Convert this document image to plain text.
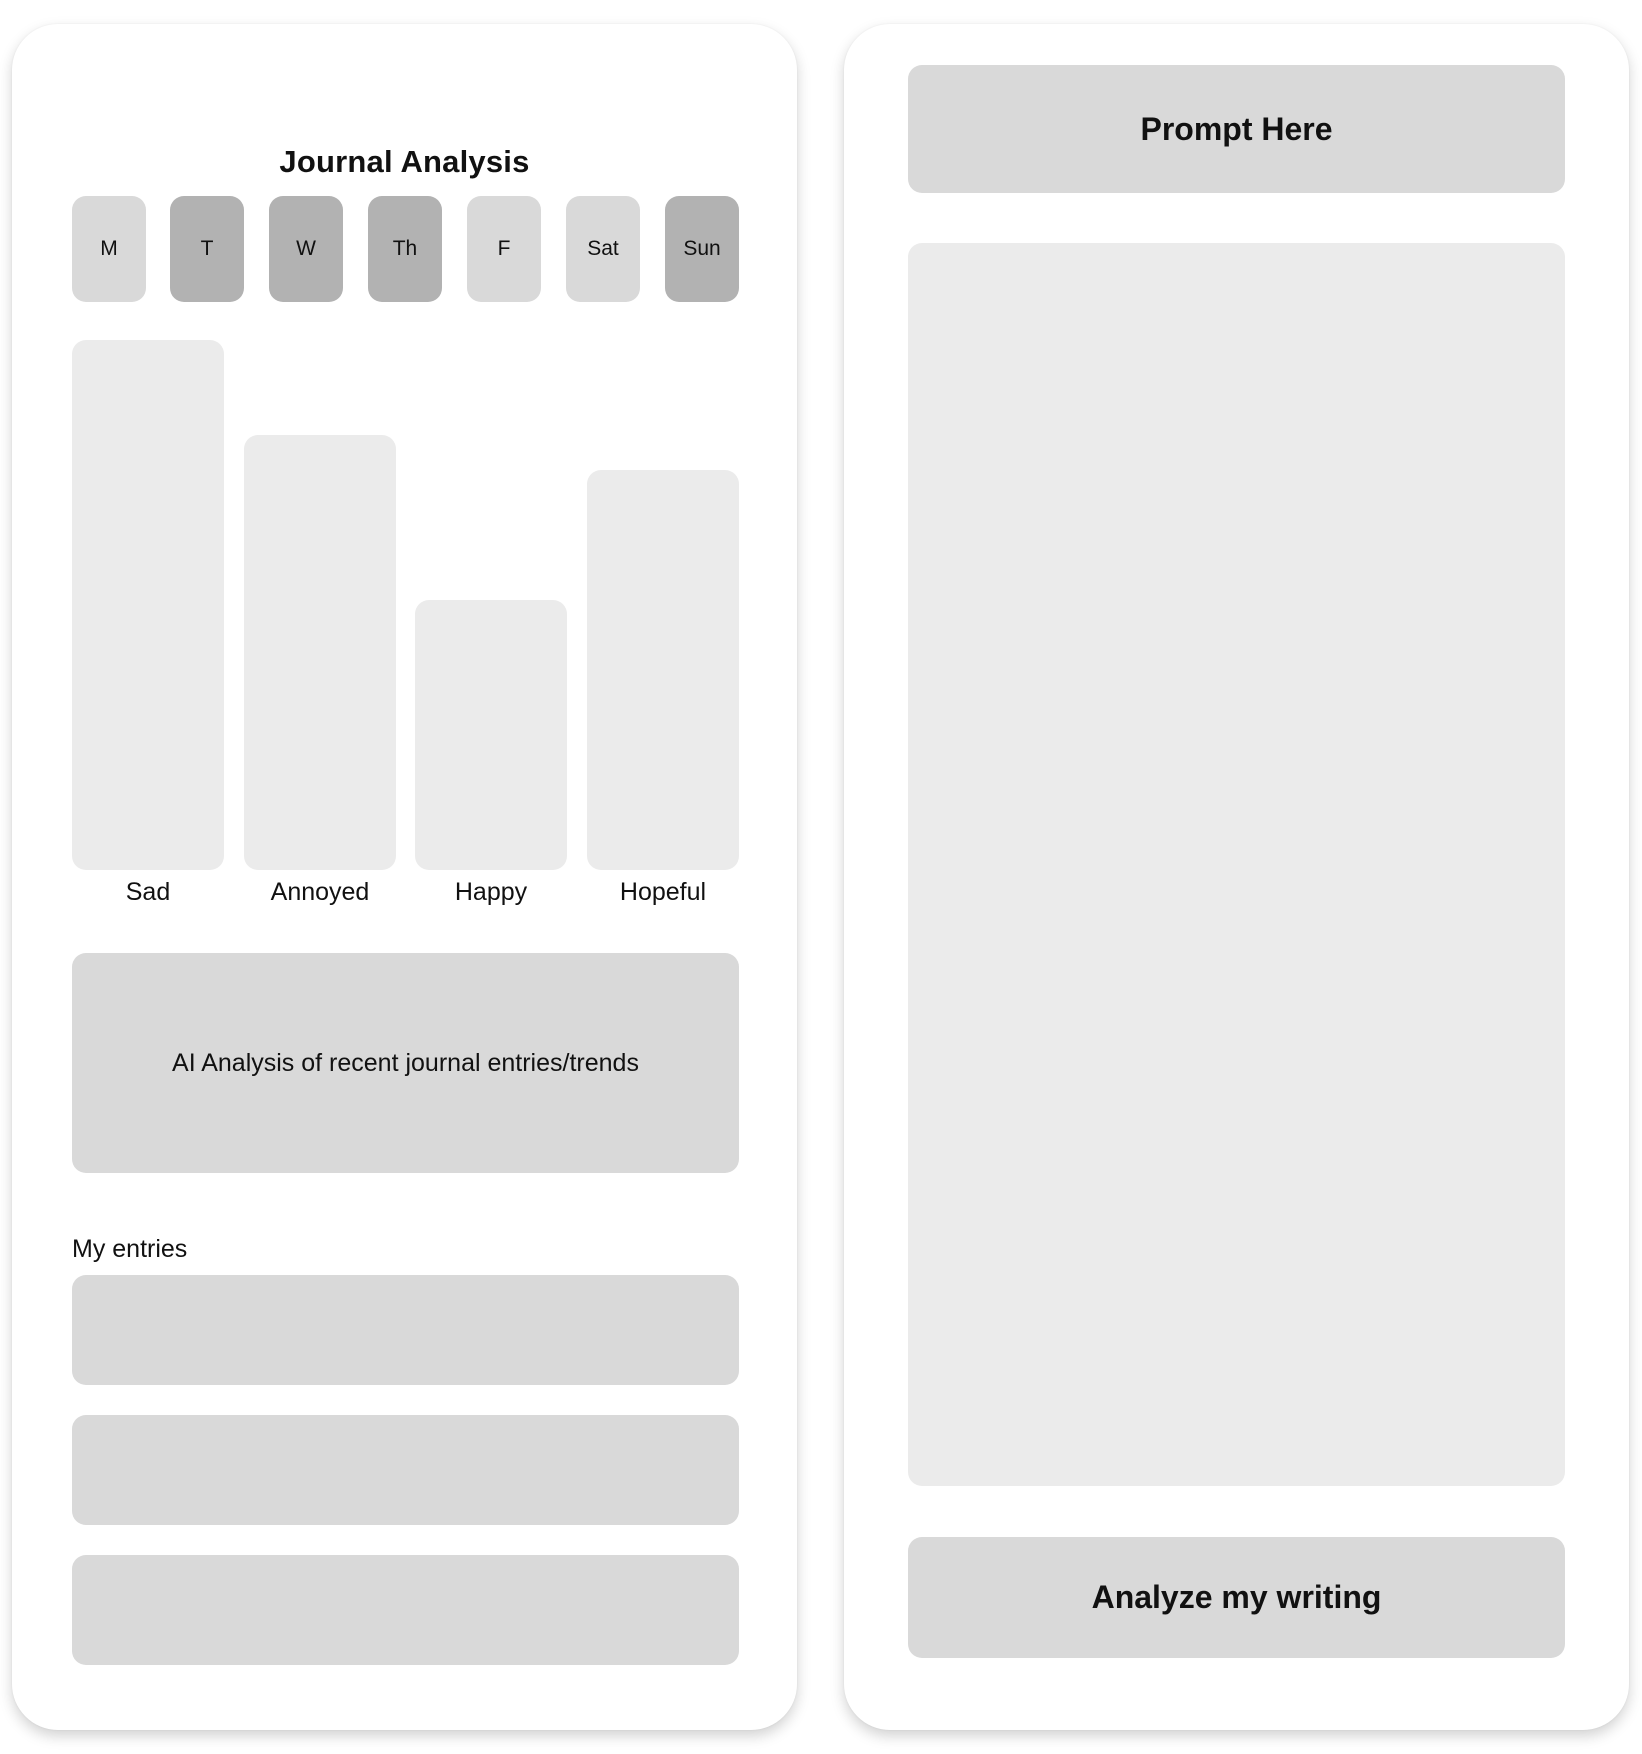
Journal Analysis
M	T	W	Th	F	Sat	Sun
Sad	Annoyed	Happy	Hopeful
AI Analysis of recent journal entries/trends
My entries
Prompt Here
Analyze my writing
